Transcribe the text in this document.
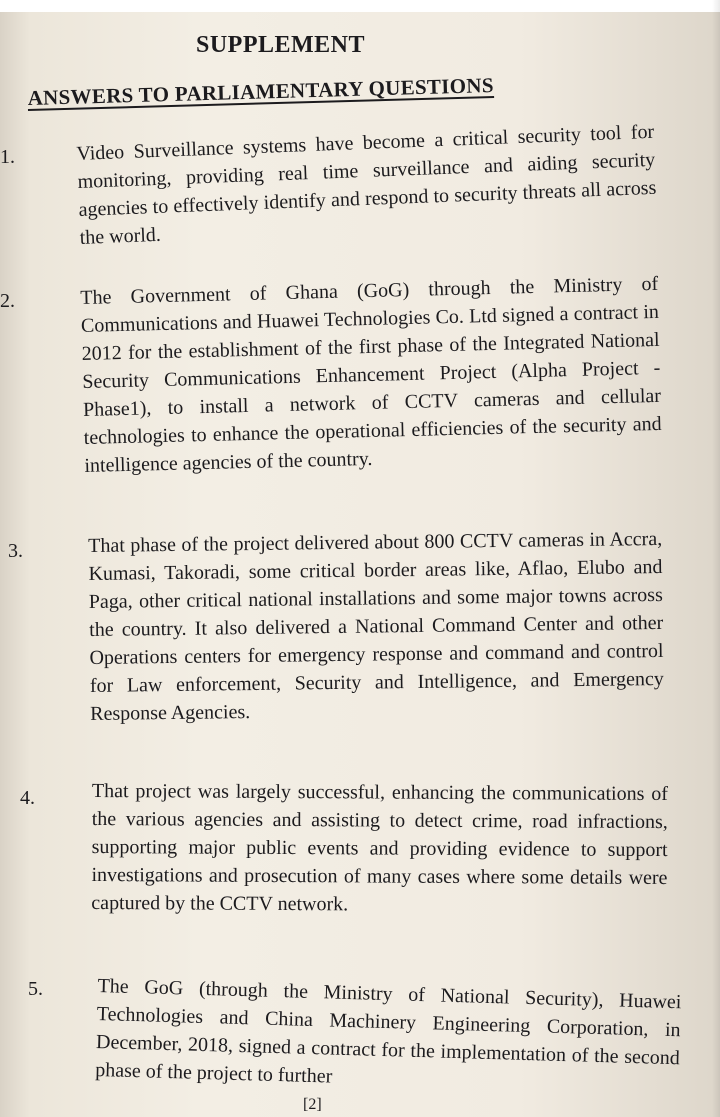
SUPPLEMENT
ANSWERS TO PARLIAMENTARY QUESTIONS
1.	Video Surveillance systems have become a critical security tool for monitoring, providing real time surveillance and aiding security agencies to effectively identify and respond to security threats all across the world.

2.	The Government of Ghana (GoG) through the Ministry of Communications and Huawei Technologies Co. Ltd signed a contract in 2012 for the establishment of the first phase of the Integrated National Security Communications Enhancement Project (Alpha Project - Phase1), to install a network of CCTV cameras and cellular technologies to enhance the operational efficiencies of the security and intelligence agencies of the country.

3.	That phase of the project delivered about 800 CCTV cameras in Accra, Kumasi, Takoradi, some critical border areas like, Aflao, Elubo and Paga, other critical national installations and some major towns across the country. It also delivered a National Command Center and other Operations centers for emergency response and command and control for Law enforcement, Security and Intelligence, and Emergency Response Agencies.

4.	That project was largely successful, enhancing the communications of the various agencies and assisting to detect crime, road infractions, supporting major public events and providing evidence to support investigations and prosecution of many cases where some details were captured by the CCTV network.

5.	The GoG (through the Ministry of National Security), Huawei Technologies and China Machinery Engineering Corporation, in December, 2018, signed a contract for the implementation of the second phase of the project to further

[2]
